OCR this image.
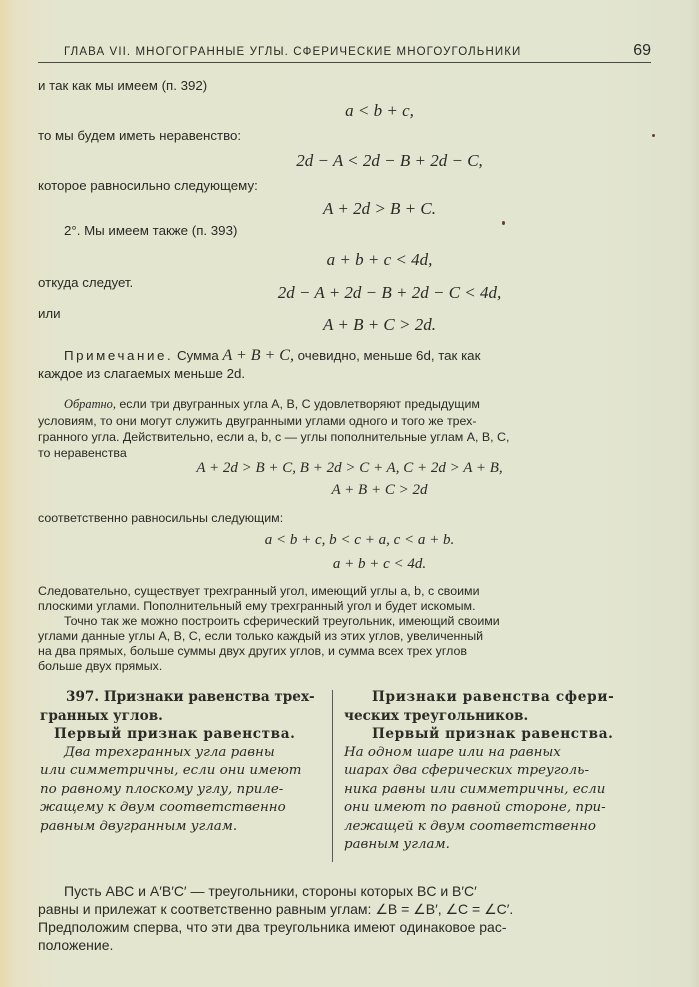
ГЛАВА VII. МНОГОГРАННЫЕ УГЛЫ. СФЕРИЧЕСКИЕ МНОГОУГОЛЬНИКИ	69
и так как мы имеем (п. 392)
a < b + c,
то мы будем иметь неравенство:
2d − A < 2d − B + 2d − C,
которое равносильно следующему:
A + 2d > B + C.
2°. Мы имеем также (п. 393)
a + b + c < 4d,
откуда следует.
2d − A + 2d − B + 2d − C < 4d,
или
A + B + C > 2d.
Примечание. Сумма A + B + C, очевидно, меньше 6d, так как
каждое из слагаемых меньше 2d.
Обратно, если три двугранных угла A, B, C удовлетворяют предыдущим
условиям, то они могут служить двугранными углами одного и того же трех-
гранного угла. Действительно, если a, b, c — углы пополнительные углам A, B, C,
то неравенства
A + 2d > B + C, B + 2d > C + A, C + 2d > A + B,
A + B + C > 2d
соответственно равносильны следующим:
a < b + c, b < c + a, c < a + b.
a + b + c < 4d.
Следовательно, существует трехгранный угол, имеющий углы a, b, c своими
плоскими углами. Пополнительный ему трехгранный угол и будет искомым.
Точно так же можно построить сферический треугольник, имеющий своими
углами данные углы A, B, C, если только каждый из этих углов, увеличенный
на два прямых, больше суммы двух других углов, и сумма всех трех углов
больше двух прямых.
397. Признаки равенства трех-
гранных углов.
Первый признак равенства.
Два трехгранных угла равны
или симметричны, если они имеют
по равному плоскому углу, приле-
жащему к двум соответственно
равным двугранным углам.
Признаки равенства сфери-
ческих треугольников.
Первый признак равенства.
На одном шаре или на равных
шарах два сферических треуголь-
ника равны или симметричны, если
они имеют по равной стороне, при-
лежащей к двум соответственно
равным углам.
Пусть ABC и A′B′C′ — треугольники, стороны которых BC и B′C′
равны и прилежат к соответственно равным углам: ∠B = ∠B′, ∠C = ∠C′.
Предположим сперва, что эти два треугольника имеют одинаковое рас-
положение.
